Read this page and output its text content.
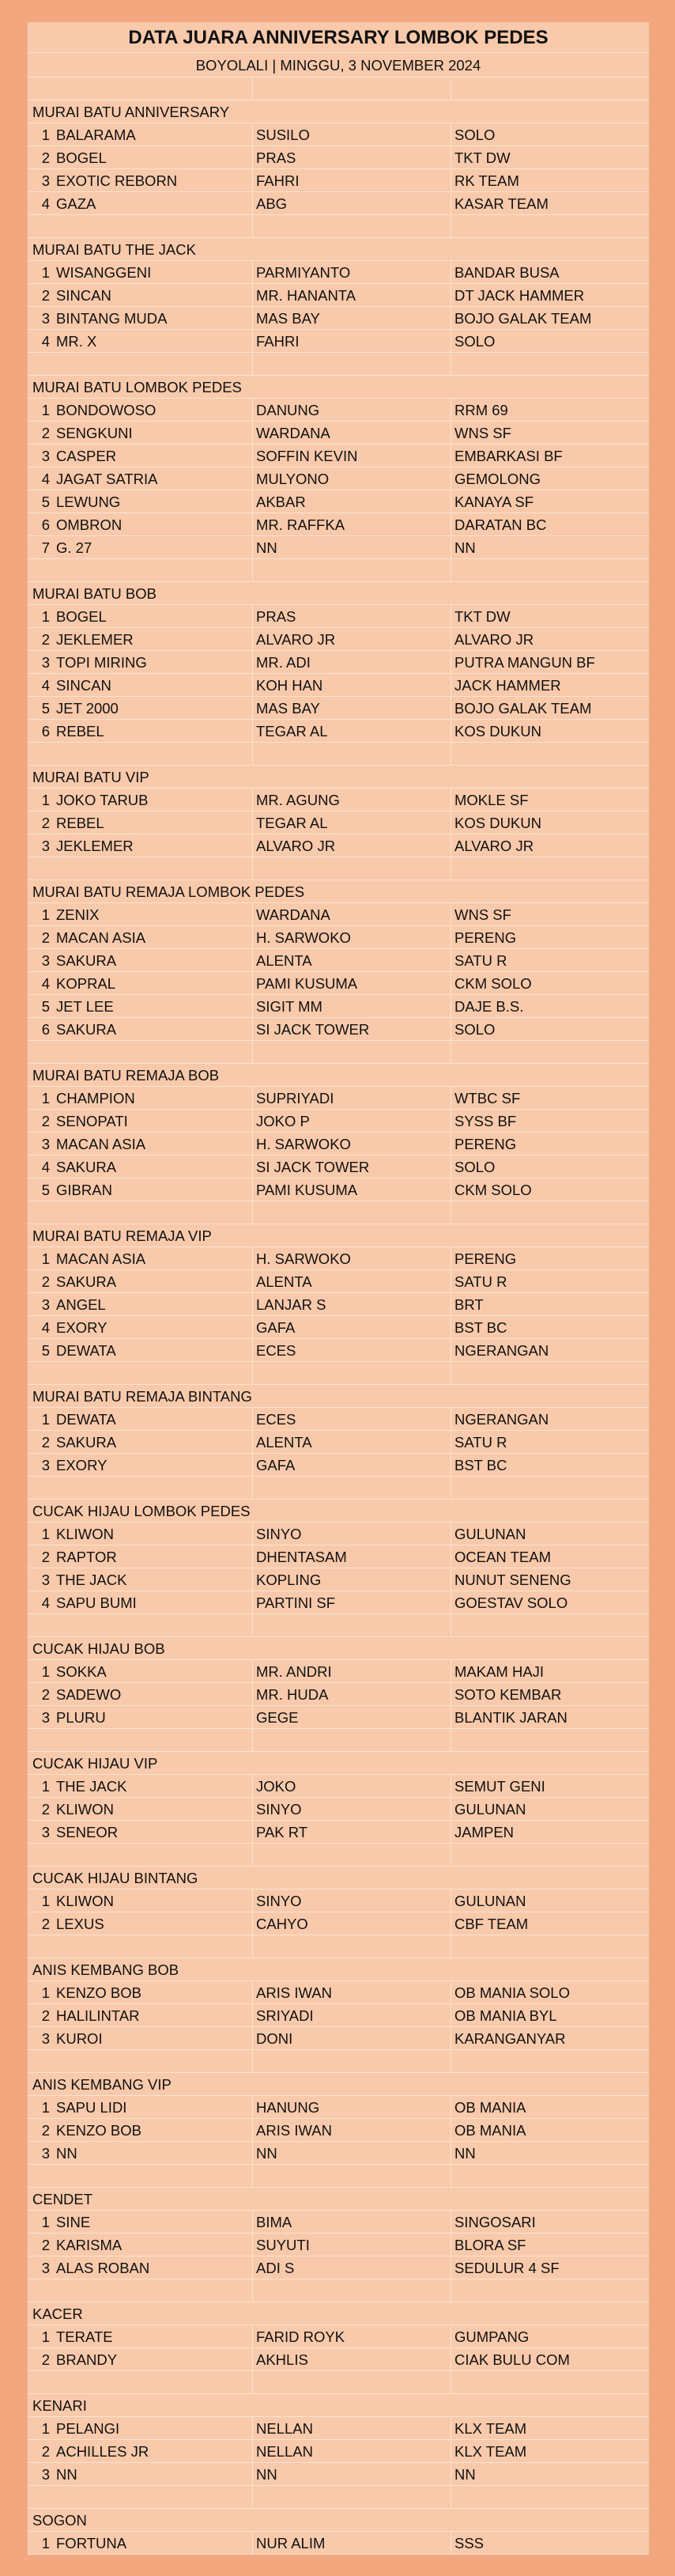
DATA JUARA ANNIVERSARY LOMBOK PEDES
BOYOLALI | MINGGU, 3 NOVEMBER 2024
MURAI BATU ANNIVERSARY
1 BALARAMA	SUSILO	SOLO
2 BOGEL	PRAS	TKT DW
3 EXOTIC REBORN	FAHRI	RK TEAM
4 GAZA	ABG	KASAR TEAM
MURAI BATU THE JACK
1 WISANGGENI	PARMIYANTO	BANDAR BUSA
2 SINCAN	MR. HANANTA	DT JACK HAMMER
3 BINTANG MUDA	MAS BAY	BOJO GALAK TEAM
4 MR. X	FAHRI	SOLO
MURAI BATU LOMBOK PEDES
1 BONDOWOSO	DANUNG	RRM 69
2 SENGKUNI	WARDANA	WNS SF
3 CASPER	SOFFIN KEVIN	EMBARKASI BF
4 JAGAT SATRIA	MULYONO	GEMOLONG
5 LEWUNG	AKBAR	KANAYA SF
6 OMBRON	MR. RAFFKA	DARATAN BC
7 G. 27	NN	NN
MURAI BATU BOB
1 BOGEL	PRAS	TKT DW
2 JEKLEMER	ALVARO JR	ALVARO JR
3 TOPI MIRING	MR. ADI	PUTRA MANGUN BF
4 SINCAN	KOH HAN	JACK HAMMER
5 JET 2000	MAS BAY	BOJO GALAK TEAM
6 REBEL	TEGAR AL	KOS DUKUN
MURAI BATU VIP
1 JOKO TARUB	MR. AGUNG	MOKLE SF
2 REBEL	TEGAR AL	KOS DUKUN
3 JEKLEMER	ALVARO JR	ALVARO JR
MURAI BATU REMAJA LOMBOK PEDES
1 ZENIX	WARDANA	WNS SF
2 MACAN ASIA	H. SARWOKO	PERENG
3 SAKURA	ALENTA	SATU R
4 KOPRAL	PAMI KUSUMA	CKM SOLO
5 JET LEE	SIGIT MM	DAJE B.S.
6 SAKURA	SI JACK TOWER	SOLO
MURAI BATU REMAJA BOB
1 CHAMPION	SUPRIYADI	WTBC SF
2 SENOPATI	JOKO P	SYSS BF
3 MACAN ASIA	H. SARWOKO	PERENG
4 SAKURA	SI JACK TOWER	SOLO
5 GIBRAN	PAMI KUSUMA	CKM SOLO
MURAI BATU REMAJA VIP
1 MACAN ASIA	H. SARWOKO	PERENG
2 SAKURA	ALENTA	SATU R
3 ANGEL	LANJAR S	BRT
4 EXORY	GAFA	BST BC
5 DEWATA	ECES	NGERANGAN
MURAI BATU REMAJA BINTANG
1 DEWATA	ECES	NGERANGAN
2 SAKURA	ALENTA	SATU R
3 EXORY	GAFA	BST BC
CUCAK HIJAU LOMBOK PEDES
1 KLIWON	SINYO	GULUNAN
2 RAPTOR	DHENTASAM	OCEAN TEAM
3 THE JACK	KOPLING	NUNUT SENENG
4 SAPU BUMI	PARTINI SF	GOESTAV SOLO
CUCAK HIJAU BOB
1 SOKKA	MR. ANDRI	MAKAM HAJI
2 SADEWO	MR. HUDA	SOTO KEMBAR
3 PLURU	GEGE	BLANTIK JARAN
CUCAK HIJAU VIP
1 THE JACK	JOKO	SEMUT GENI
2 KLIWON	SINYO	GULUNAN
3 SENEOR	PAK RT	JAMPEN
CUCAK HIJAU BINTANG
1 KLIWON	SINYO	GULUNAN
2 LEXUS	CAHYO	CBF TEAM
ANIS KEMBANG BOB
1 KENZO BOB	ARIS IWAN	OB MANIA SOLO
2 HALILINTAR	SRIYADI	OB MANIA BYL
3 KUROI	DONI	KARANGANYAR
ANIS KEMBANG VIP
1 SAPU LIDI	HANUNG	OB MANIA
2 KENZO BOB	ARIS IWAN	OB MANIA
3 NN	NN	NN
CENDET
1 SINE	BIMA	SINGOSARI
2 KARISMA	SUYUTI	BLORA SF
3 ALAS ROBAN	ADI S	SEDULUR 4 SF
KACER
1 TERATE	FARID ROYK	GUMPANG
2 BRANDY	AKHLIS	CIAK BULU COM
KENARI
1 PELANGI	NELLAN	KLX TEAM
2 ACHILLES JR	NELLAN	KLX TEAM
3 NN	NN	NN
SOGON
1 FORTUNA	NUR ALIM	SSS
